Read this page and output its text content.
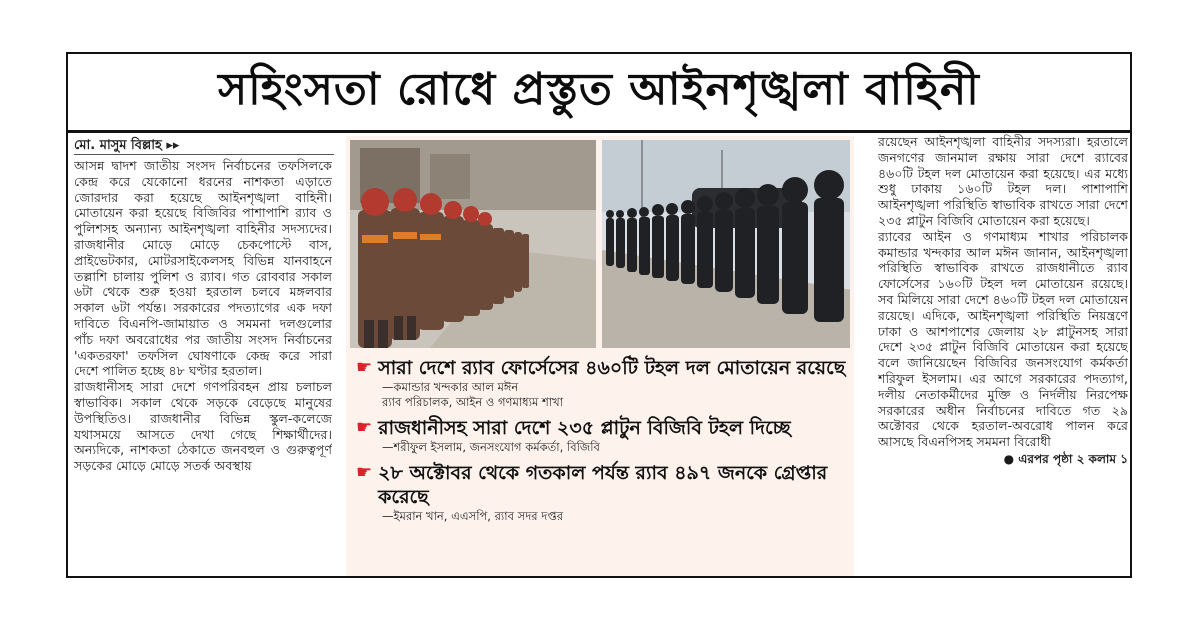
সহিংসতা রোধে প্রস্তুত আইনশৃঙ্খলা বাহিনী
মো. মাসুম বিল্লাহ ▸▸

আসন্ন দ্বাদশ জাতীয় সংসদ নির্বাচনের তফসিলকে কেন্দ্র করে যেকোনো ধরনের নাশকতা এড়াতে জোরদার করা হয়েছে আইনশৃঙ্খলা বাহিনী। মোতায়েন করা হয়েছে বিজিবির পাশাপাশি র‍্যাব ও পুলিশসহ অন্যান্য আইনশৃঙ্খলা বাহিনীর সদস্যদের। রাজধানীর মোড়ে মোড়ে চেকপোস্টে বাস, প্রাইভেটকার, মোটরসাইকেলসহ বিভিন্ন যানবাহনে তল্লাশি চালায় পুলিশ ও র‍্যাব। গত রোববার সকাল ৬টা থেকে শুরু হওয়া হরতাল চলবে মঙ্গলবার সকাল ৬টা পর্যন্ত। সরকারের পদত্যাগের এক দফা দাবিতে বিএনপি-জামায়াত ও সমমনা দলগুলোর পাঁচ দফা অবরোধের পর জাতীয় সংসদ নির্বাচনের 'একতরফা' তফসিল ঘোষণাকে কেন্দ্র করে সারা দেশে পালিত হচ্ছে ৪৮ ঘণ্টার হরতাল।

রাজধানীসহ সারা দেশে গণপরিবহন প্রায় চলাচল স্বাভাবিক। সকাল থেকে সড়কে বেড়েছে মানুষের উপস্থিতিও। রাজধানীর বিভিন্ন স্কুল-কলেজে যথাসময়ে আসতে দেখা গেছে শিক্ষার্থীদের। অন্যদিকে, নাশকতা ঠেকাতে জনবহুল ও গুরুত্বপূর্ণ সড়কের মোড়ে মোড়ে সতর্ক অবস্থায়

☛ সারা দেশে র‍্যাব ফোর্সেসের ৪৬০টি টহল দল মোতায়েন রয়েছে
—কমান্ডার খন্দকার আল মঈন
র‍্যাব পরিচালক, আইন ও গণমাধ্যম শাখা
☛ রাজধানীসহ সারা দেশে ২৩৫ প্লাটুন বিজিবি টহল দিচ্ছে
—শরীফুল ইসলাম, জনসংযোগ কর্মকর্তা, বিজিবি
☛ ২৮ অক্টোবর থেকে গতকাল পর্যন্ত র‍্যাব ৪৯৭ জনকে গ্রেপ্তার করেছে
—ইমরান খান, এএসপি, র‍্যাব সদর দপ্তর

রয়েছেন আইনশৃঙ্খলা বাহিনীর সদস্যরা। হরতালে জনগণের জানমাল রক্ষায় সারা দেশে র‍্যাবের ৪৬০টি টহল দল মোতায়েন করা হয়েছে। এর মধ্যে শুধু ঢাকায় ১৬০টি টহল দল। পাশাপাশি আইনশৃঙ্খলা পরিস্থিতি স্বাভাবিক রাখতে সারা দেশে ২৩৫ প্লাটুন বিজিবি মোতায়েন করা হয়েছে।

র‍্যাবের আইন ও গণমাধ্যম শাখার পরিচালক কমান্ডার খন্দকার আল মঈন জানান, আইনশৃঙ্খলা পরিস্থিতি স্বাভাবিক রাখতে রাজধানীতে র‍্যাব ফোর্সেসের ১৬০টি টহল দল মোতায়েন রয়েছে। সব মিলিয়ে সারা দেশে ৪৬০টি টহল দল মোতায়েন রয়েছে। এদিকে, আইনশৃঙ্খলা পরিস্থিতি নিয়ন্ত্রণে ঢাকা ও আশপাশের জেলায় ২৮ প্লাটুনসহ সারা দেশে ২৩৫ প্লাটুন বিজিবি মোতায়েন করা হয়েছে বলে জানিয়েছেন বিজিবির জনসংযোগ কর্মকর্তা শরিফুল ইসলাম। এর আগে সরকারের পদত্যাগ, দলীয় নেতাকর্মীদের মুক্তি ও নির্দলীয় নিরপেক্ষ সরকারের অধীন নির্বাচনের দাবিতে গত ২৯ অক্টোবর থেকে হরতাল-অবরোধ পালন করে আসছে বিএনপিসহ সমমনা বিরোধী

● এরপর পৃষ্ঠা ২ কলাম ১
